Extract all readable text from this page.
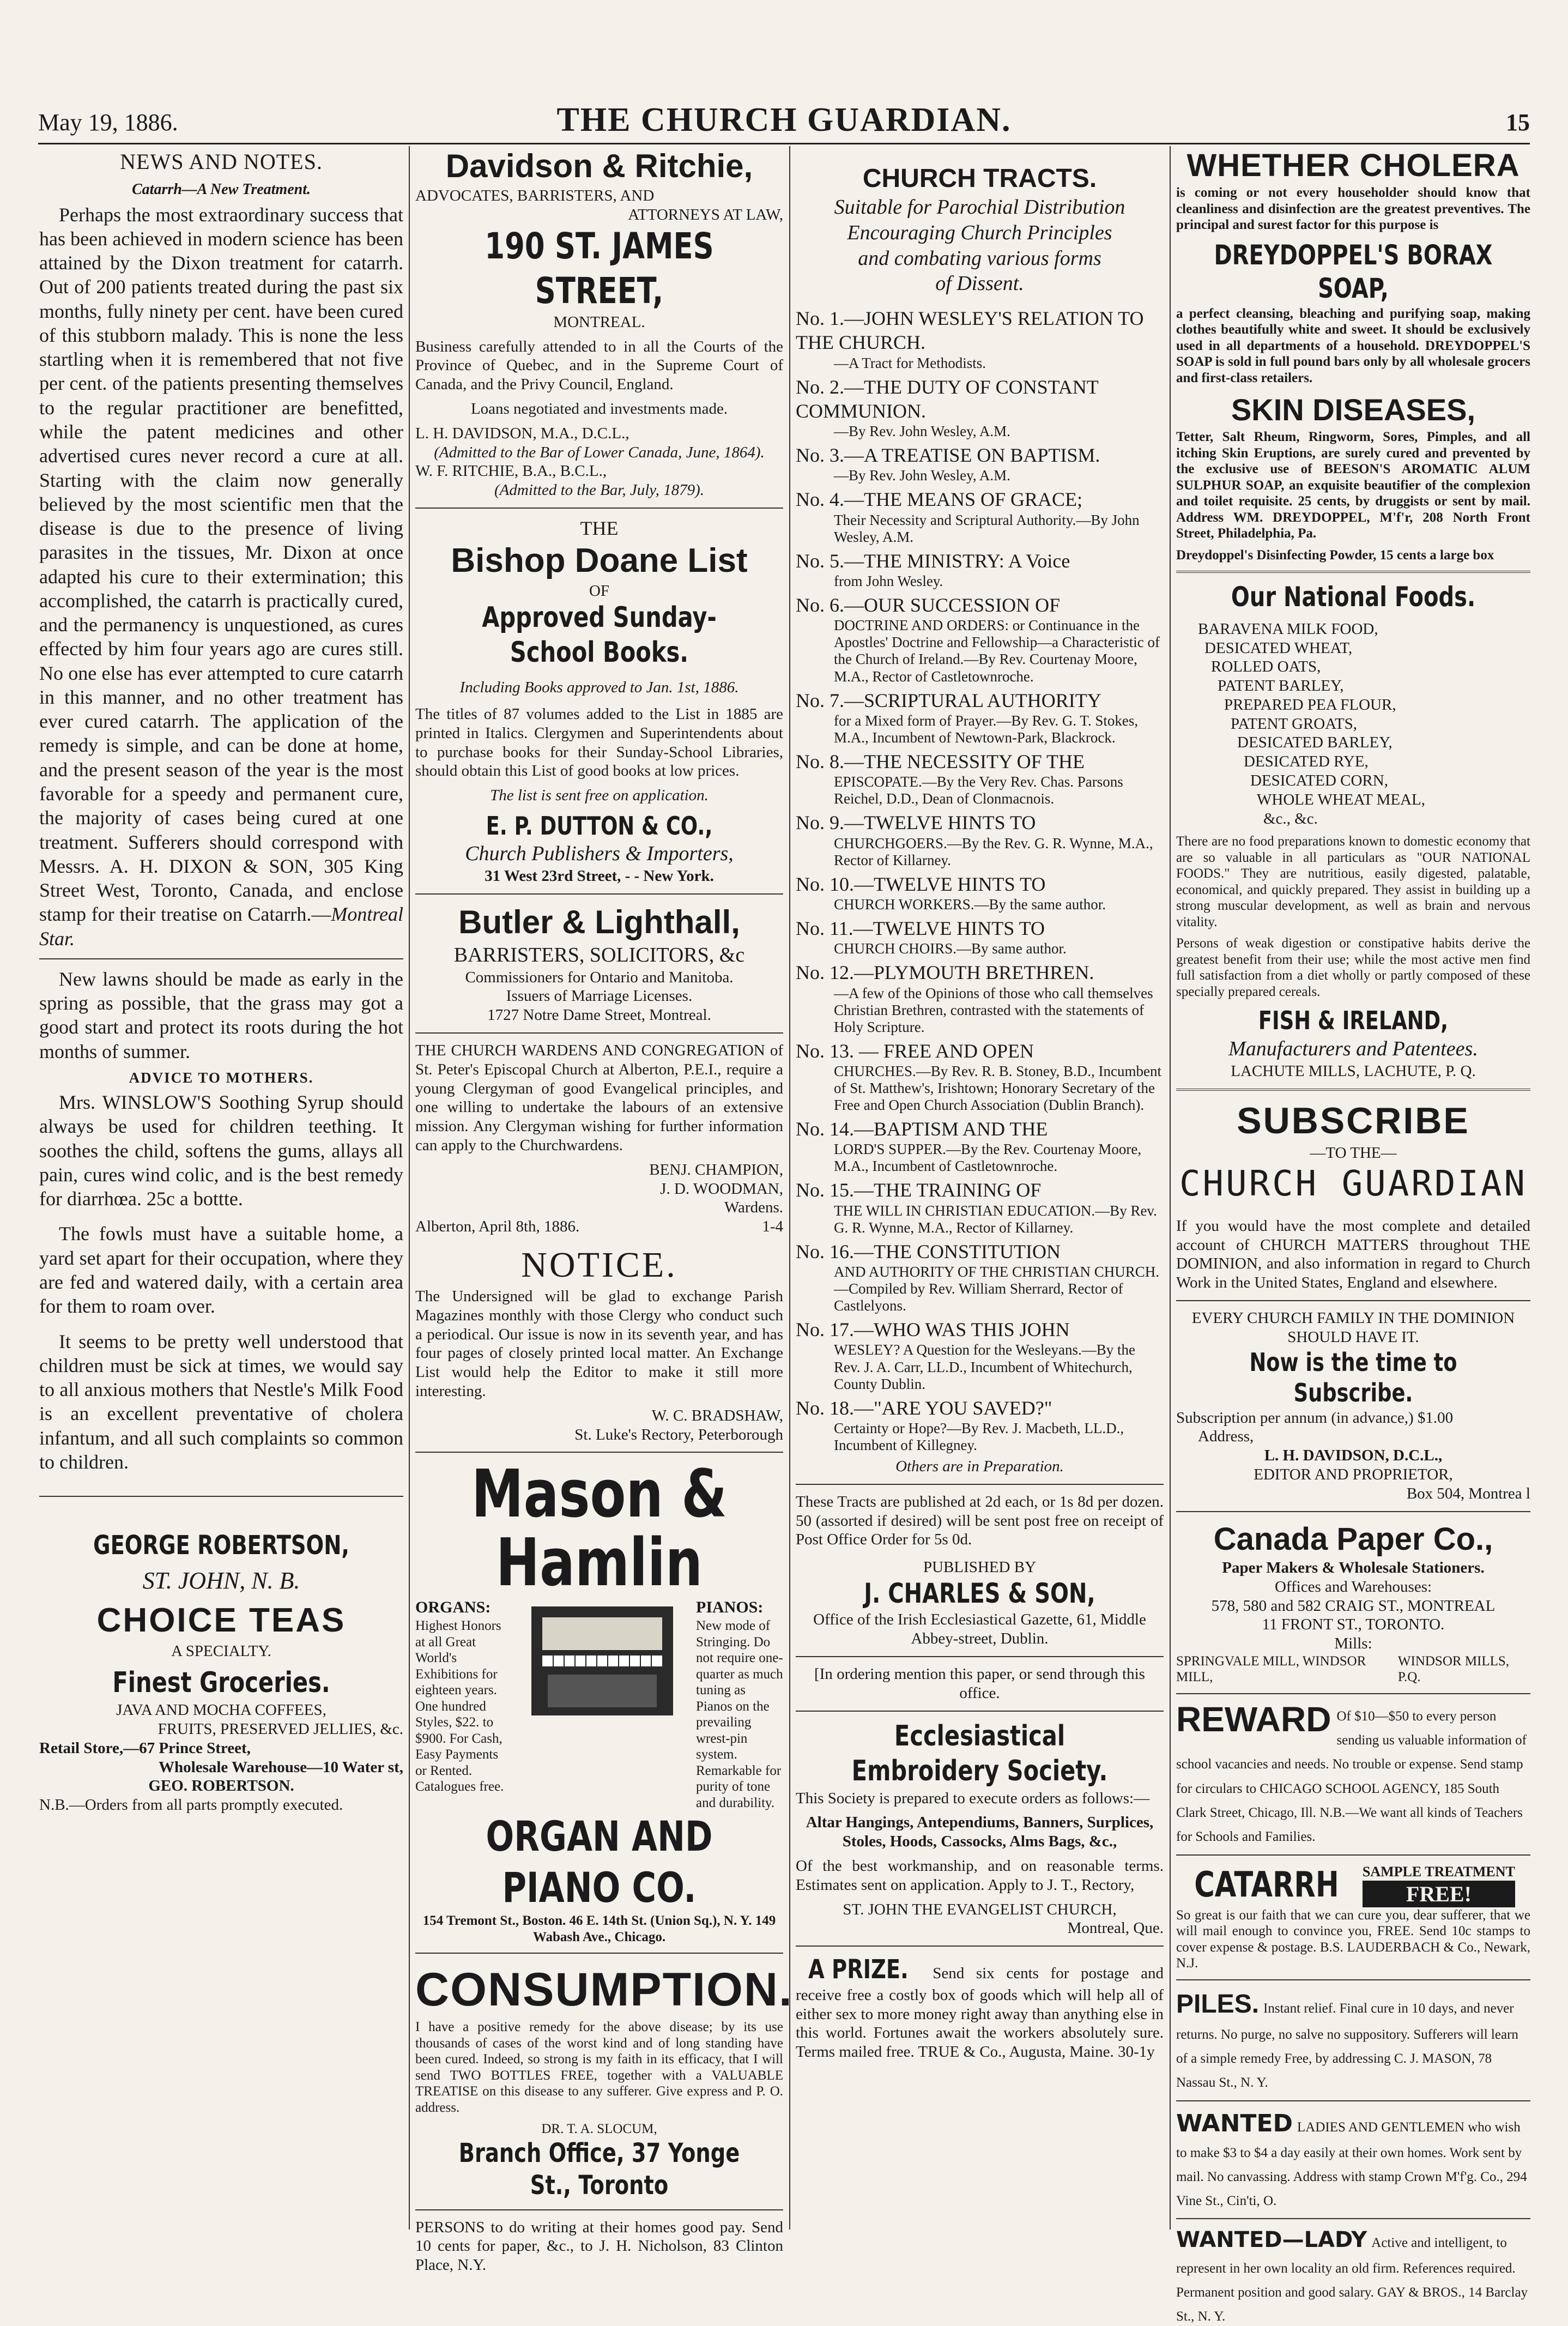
May 19, 1886.	THE CHURCH GUARDIAN.	15
NEWS AND NOTES.
Catarrh—A New Treatment.

Perhaps the most extraordinary success that has been achieved in modern science has been attained by the Dixon treatment for catarrh. Out of 200 patients treated during the past six months, fully ninety per cent. have been cured of this stubborn malady. This is none the less startling when it is remembered that not five per cent. of the patients presenting themselves to the regular practitioner are benefitted, while the patent medicines and other advertised cures never record a cure at all. Starting with the claim now generally believed by the most scientific men that the disease is due to the presence of living parasites in the tissues, Mr. Dixon at once adapted his cure to their extermination; this accomplished, the catarrh is practically cured, and the permanency is unquestioned, as cures effected by him four years ago are cures still. No one else has ever attempted to cure catarrh in this manner, and no other treatment has ever cured catarrh. The application of the remedy is simple, and can be done at home, and the present season of the year is the most favorable for a speedy and permanent cure, the majority of cases being cured at one treatment. Sufferers should correspond with Messrs. A. H. DIXON & SON, 305 King Street West, Toronto, Canada, and enclose stamp for their treatise on Catarrh.—Montreal Star.

New lawns should be made as early in the spring as possible, that the grass may got a good start and protect its roots during the hot months of summer.

ADVICE TO MOTHERS.

Mrs. WINSLOW'S Soothing Syrup should always be used for children teething. It soothes the child, softens the gums, allays all pain, cures wind colic, and is the best remedy for diarrhœa. 25c a bottte.

The fowls must have a suitable home, a yard set apart for their occupation, where they are fed and watered daily, with a certain area for them to roam over.

It seems to be pretty well understood that children must be sick at times, we would say to all anxious mothers that Nestle's Milk Food is an excellent preventative of cholera infantum, and all such complaints so common to children.

GEORGE ROBERTSON,
ST. JOHN, N. B.
CHOICE TEAS
A SPECIALTY.
Finest Groceries.
JAVA AND MOCHA COFFEES,
FRUITS, PRESERVED JELLIES, &c.
Retail Store,—67 Prince Street,
Wholesale Warehouse—10 Water st,
GEO. ROBERTSON.
N.B.—Orders from all parts promptly executed.
Davidson & Ritchie,
ADVOCATES, BARRISTERS, AND
ATTORNEYS AT LAW,
190 ST. JAMES STREET,
MONTREAL.

Business carefully attended to in all the Courts of the Province of Quebec, and in the Supreme Court of Canada, and the Privy Council, England.

Loans negotiated and investments made.

L. H. DAVIDSON, M.A., D.C.L.,
(Admitted to the Bar of Lower Canada, June, 1864).
W. F. RITCHIE, B.A., B.C.L.,
(Admitted to the Bar, July, 1879).
THE
Bishop Doane List
OF
Approved Sunday-School Books.
Including Books approved to Jan. 1st, 1886.

The titles of 87 volumes added to the List in 1885 are printed in Italics. Clergymen and Superintendents about to purchase books for their Sunday-School Libraries, should obtain this List of good books at low prices.

The list is sent free on application.

E. P. DUTTON & CO.,
Church Publishers & Importers,
31 West 23rd Street, - - New York.
Butler & Lighthall,
BARRISTERS, SOLICITORS, &c
Commissioners for Ontario and Manitoba.
Issuers of Marriage Licenses.
1727 Notre Dame Street, Montreal.

THE CHURCH WARDENS AND CONGREGATION of St. Peter's Episcopal Church at Alberton, P.E.I., require a young Clergyman of good Evangelical principles, and one willing to undertake the labours of an extensive mission. Any Clergyman wishing for further information can apply to the Churchwardens.

BENJ. CHAMPION,
J. D. WOODMAN,
Wardens.
Alberton, April 8th, 1886.	1-4
NOTICE.

The Undersigned will be glad to exchange Parish Magazines monthly with those Clergy who conduct such a periodical. Our issue is now in its seventh year, and has four pages of closely printed local matter. An Exchange List would help the Editor to make it still more interesting.

W. C. BRADSHAW,
St. Luke's Rectory, Peterborough
Mason & Hamlin
ORGANS:
Highest Honors at all Great World's Exhibitions for eighteen years. One hundred Styles, $22. to $900. For Cash, Easy Payments or Rented. Catalogues free.
PIANOS:
New mode of Stringing. Do not require one-quarter as much tuning as Pianos on the prevailing wrest-pin system. Remarkable for purity of tone and durability.
ORGAN AND PIANO CO.
154 Tremont St., Boston. 46 E. 14th St. (Union Sq.), N. Y. 149 Wabash Ave., Chicago.
CONSUMPTION.

I have a positive remedy for the above disease; by its use thousands of cases of the worst kind and of long standing have been cured. Indeed, so strong is my faith in its efficacy, that I will send TWO BOTTLES FREE, together with a VALUABLE TREATISE on this disease to any sufferer. Give express and P. O. address.

DR. T. A. SLOCUM,
Branch Office, 37 Yonge St., Toronto

PERSONS to do writing at their homes good pay. Send 10 cents for paper, &c., to J. H. Nicholson, 83 Clinton Place, N.Y.

CHURCH TRACTS.
Suitable for Parochial Distribution
Encouraging Church Principles
and combating various forms
of Dissent.
No. 1.—JOHN WESLEY'S RELATION TO THE CHURCH.
—A Tract for Methodists.
No. 2.—THE DUTY OF CONSTANT COMMUNION.
—By Rev. John Wesley, A.M.
No. 3.—A TREATISE ON BAPTISM.
—By Rev. John Wesley, A.M.
No. 4.—THE MEANS OF GRACE;
Their Necessity and Scriptural Authority.—By John Wesley, A.M.
No. 5.—THE MINISTRY: A Voice
from John Wesley.
No. 6.—OUR SUCCESSION OF
DOCTRINE AND ORDERS: or Continuance in the Apostles' Doctrine and Fellowship—a Characteristic of the Church of Ireland.—By Rev. Courtenay Moore, M.A., Rector of Castletownroche.
No. 7.—SCRIPTURAL AUTHORITY
for a Mixed form of Prayer.—By Rev. G. T. Stokes, M.A., Incumbent of Newtown-Park, Blackrock.
No. 8.—THE NECESSITY OF THE
EPISCOPATE.—By the Very Rev. Chas. Parsons Reichel, D.D., Dean of Clonmacnois.
No. 9.—TWELVE HINTS TO
CHURCHGOERS.—By the Rev. G. R. Wynne, M.A., Rector of Killarney.
No. 10.—TWELVE HINTS TO
CHURCH WORKERS.—By the same author.
No. 11.—TWELVE HINTS TO
CHURCH CHOIRS.—By same author.
No. 12.—PLYMOUTH BRETHREN.
—A few of the Opinions of those who call themselves Christian Brethren, contrasted with the statements of Holy Scripture.
No. 13. — FREE AND OPEN
CHURCHES.—By Rev. R. B. Stoney, B.D., Incumbent of St. Matthew's, Irishtown; Honorary Secretary of the Free and Open Church Association (Dublin Branch).
No. 14.—BAPTISM AND THE
LORD'S SUPPER.—By the Rev. Courtenay Moore, M.A., Incumbent of Castletownroche.
No. 15.—THE TRAINING OF
THE WILL IN CHRISTIAN EDUCATION.—By Rev. G. R. Wynne, M.A., Rector of Killarney.
No. 16.—THE CONSTITUTION
AND AUTHORITY OF THE CHRISTIAN CHURCH.—Compiled by Rev. William Sherrard, Rector of Castlelyons.
No. 17.—WHO WAS THIS JOHN
WESLEY? A Question for the Wesleyans.—By the Rev. J. A. Carr, LL.D., Incumbent of Whitechurch, County Dublin.
No. 18.—"ARE YOU SAVED?"
Certainty or Hope?—By Rev. J. Macbeth, LL.D., Incumbent of Killegney.
Others are in Preparation.

These Tracts are published at 2d each, or 1s 8d per dozen. 50 (assorted if desired) will be sent post free on receipt of Post Office Order for 5s 0d.

PUBLISHED BY
J. CHARLES & SON,
Office of the Irish Ecclesiastical Gazette, 61, Middle Abbey-street, Dublin.
[In ordering mention this paper, or send through this office.
Ecclesiastical Embroidery Society.

This Society is prepared to execute orders as follows:—

Altar Hangings, Antependiums, Banners, Surplices, Stoles, Hoods, Cassocks, Alms Bags, &c.,

Of the best workmanship, and on reasonable terms. Estimates sent on application. Apply to J. T., Rectory,

ST. JOHN THE EVANGELIST CHURCH,
Montreal, Que.

A PRIZE. Send six cents for postage and receive free a costly box of goods which will help all of either sex to more money right away than anything else in this world. Fortunes await the workers absolutely sure. Terms mailed free. TRUE & Co., Augusta, Maine. 30-1y

WHETHER CHOLERA

is coming or not every householder should know that cleanliness and disinfection are the greatest preventives. The principal and surest factor for this purpose is

DREYDOPPEL'S BORAX SOAP,

a perfect cleansing, bleaching and purifying soap, making clothes beautifully white and sweet. It should be exclusively used in all departments of a household. DREYDOPPEL'S SOAP is sold in full pound bars only by all wholesale grocers and first-class retailers.

SKIN DISEASES,

Tetter, Salt Rheum, Ringworm, Sores, Pimples, and all itching Skin Eruptions, are surely cured and prevented by the exclusive use of BEESON'S AROMATIC ALUM SULPHUR SOAP, an exquisite beautifier of the complexion and toilet requisite. 25 cents, by druggists or sent by mail. Address WM. DREYDOPPEL, M'f'r, 208 North Front Street, Philadelphia, Pa.

Dreydoppel's Disinfecting Powder, 15 cents a large box
Our National Foods.
BARAVENA MILK FOOD,
DESICATED WHEAT,
ROLLED OATS,
PATENT BARLEY,
PREPARED PEA FLOUR,
PATENT GROATS,
DESICATED BARLEY,
DESICATED RYE,
DESICATED CORN,
WHOLE WHEAT MEAL,
&c., &c.

There are no food preparations known to domestic economy that are so valuable in all particulars as "OUR NATIONAL FOODS." They are nutritious, easily digested, palatable, economical, and quickly prepared. They assist in building up a strong muscular development, as well as brain and nervous vitality.

Persons of weak digestion or constipative habits derive the greatest benefit from their use; while the most active men find full satisfaction from a diet wholly or partly composed of these specially prepared cereals.

FISH & IRELAND,
Manufacturers and Patentees.
LACHUTE MILLS, LACHUTE, P. Q.
SUBSCRIBE
—TO THE—
CHURCH GUARDIAN

If you would have the most complete and detailed account of CHURCH MATTERS throughout THE DOMINION, and also information in regard to Church Work in the United States, England and elsewhere.

EVERY CHURCH FAMILY IN THE DOMINION SHOULD HAVE IT.
Now is the time to Subscribe.
Subscription per annum (in advance,) $1.00
Address,
L. H. DAVIDSON, D.C.L.,
EDITOR AND PROPRIETOR,
Box 504, Montrea l
Canada Paper Co.,
Paper Makers & Wholesale Stationers.
Offices and Warehouses:
578, 580 and 582 CRAIG ST., MONTREAL
11 FRONT ST., TORONTO.
Mills:
SPRINGVALE MILL, WINDSOR MILL,
WINDSOR MILLS, P.Q.
REWARD Of $10—$50 to every person sending us valuable information of school vacancies and needs. No trouble or expense. Send stamp for circulars to CHICAGO SCHOOL AGENCY, 185 South Clark Street, Chicago, Ill. N.B.—We want all kinds of Teachers for Schools and Families.
CATARRH SAMPLE TREATMENT
FREE!

So great is our faith that we can cure you, dear sufferer, that we will mail enough to convince you, FREE. Send 10c stamps to cover expense & postage. B.S. LAUDERBACH & Co., Newark, N.J.

PILES. Instant relief. Final cure in 10 days, and never returns. No purge, no salve no suppository. Sufferers will learn of a simple remedy Free, by addressing C. J. MASON, 78 Nassau St., N. Y.
WANTED LADIES AND GENTLEMEN who wish to make $3 to $4 a day easily at their own homes. Work sent by mail. No canvassing. Address with stamp Crown M'f'g. Co., 294 Vine St., Cin'ti, O.
WANTED—LADY Active and intelligent, to represent in her own locality an old firm. References required. Permanent position and good salary. GAY & BROS., 14 Barclay St., N. Y.
